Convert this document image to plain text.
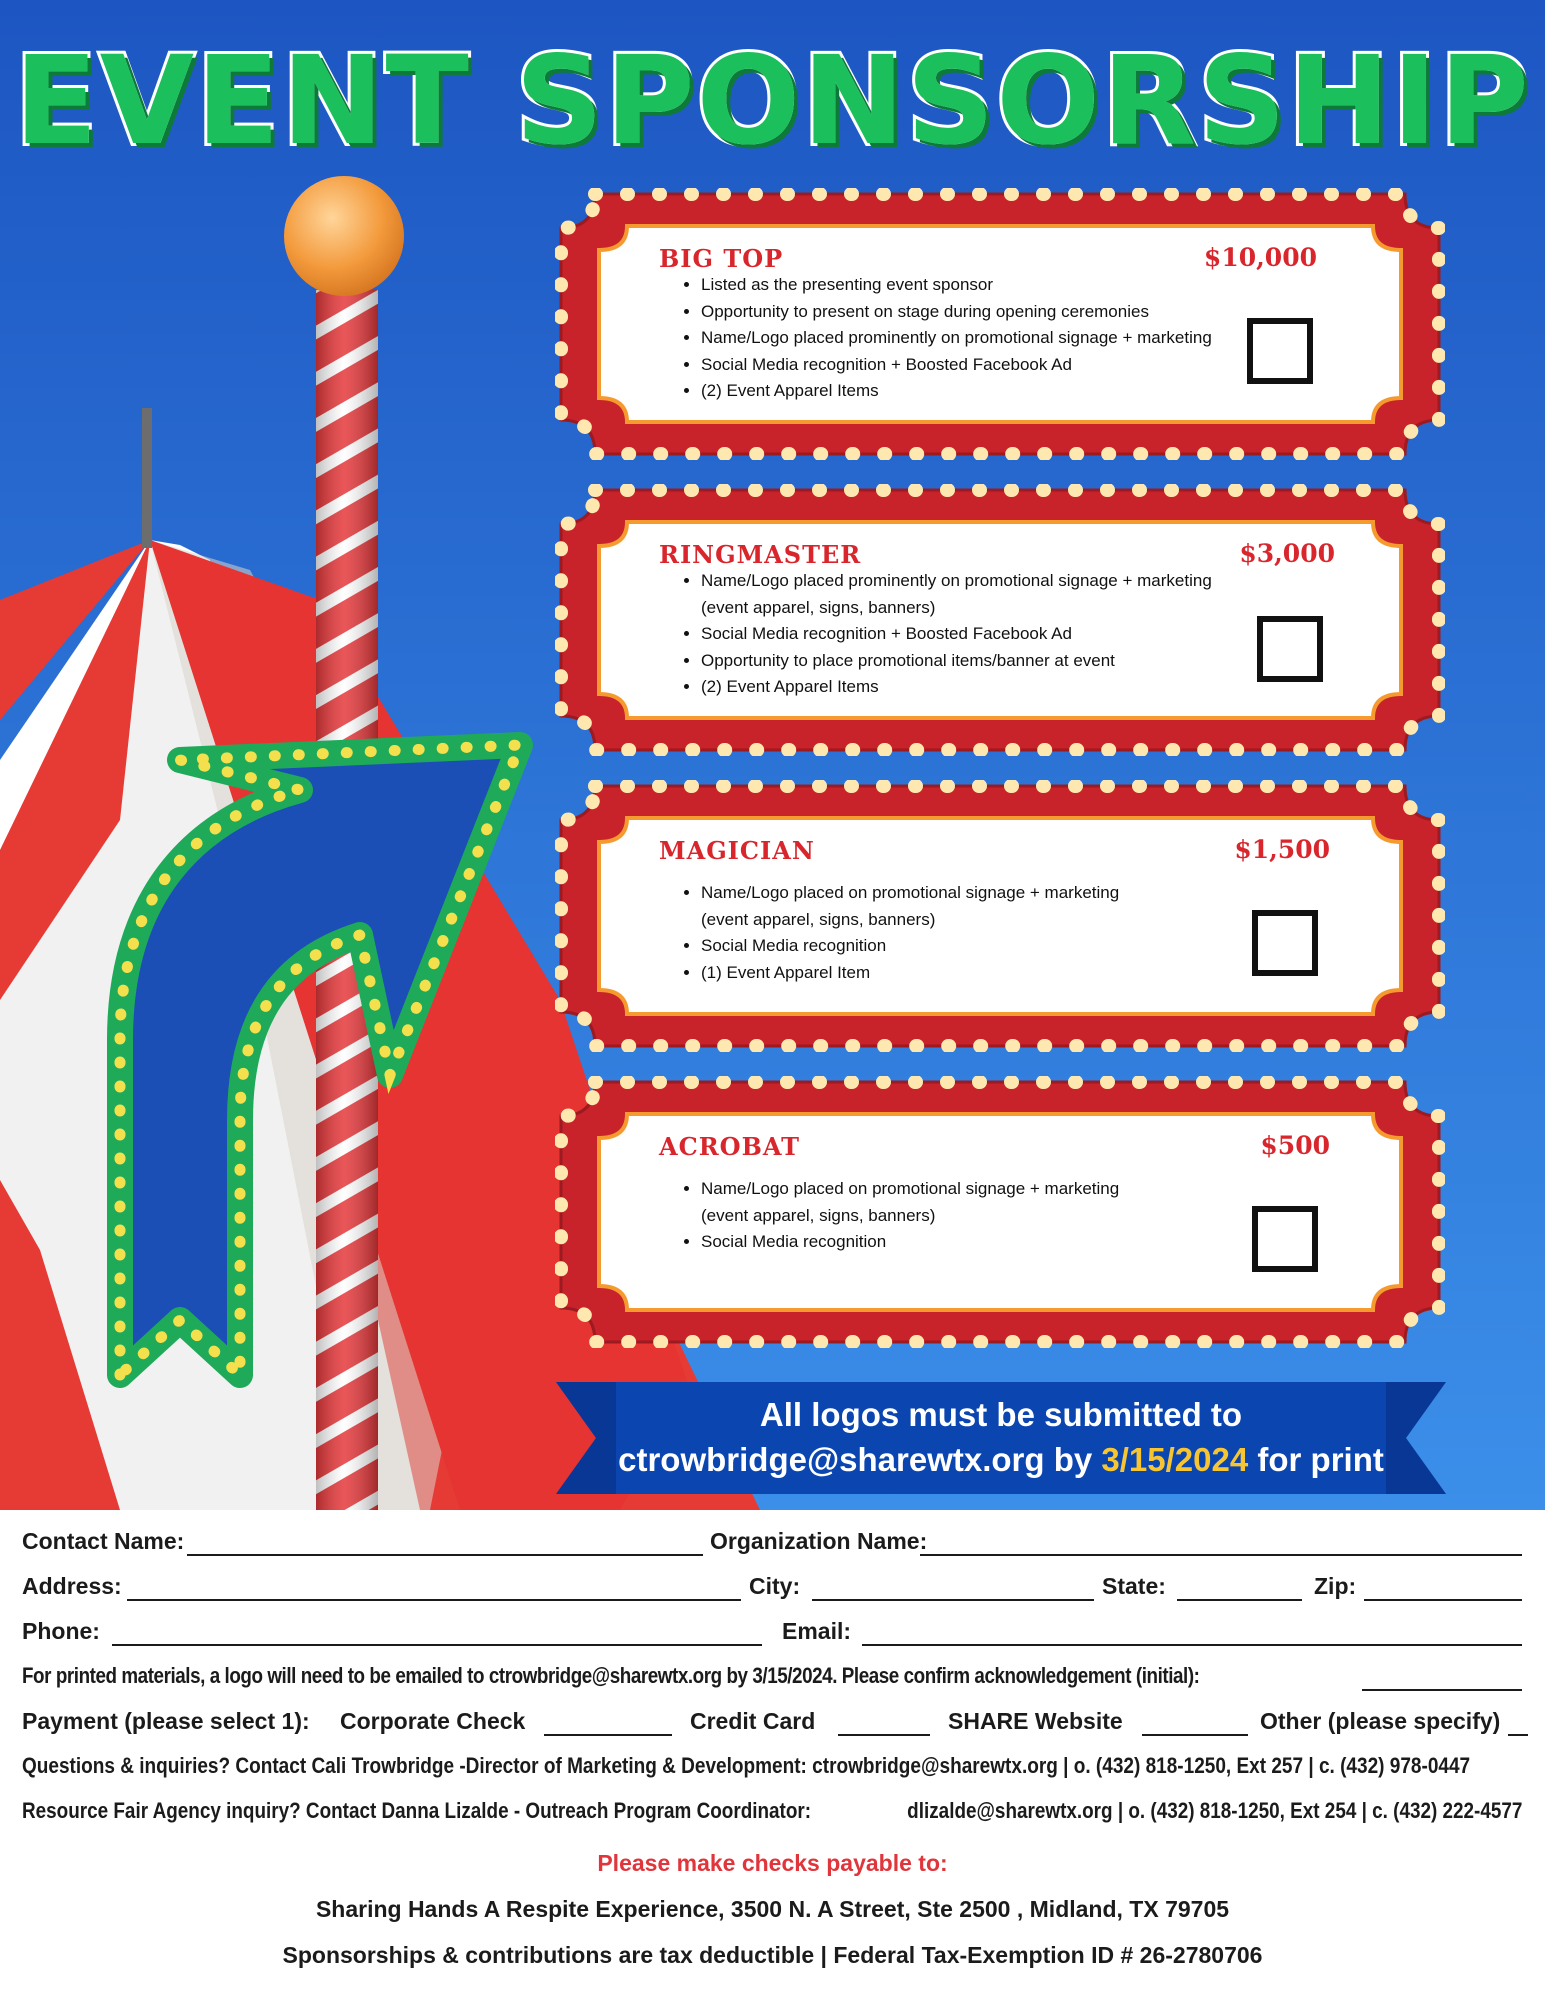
EVENT SPONSORSHIP
BIG TOP	$10,000
• Listed as the presenting event sponsor
• Opportunity to present on stage during opening ceremonies
• Name/Logo placed prominently on promotional signage + marketing
• Social Media recognition + Boosted Facebook Ad
• (2) Event Apparel Items
RINGMASTER	$3,000
• Name/Logo placed prominently on promotional signage + marketing
(event apparel, signs, banners)
• Social Media recognition + Boosted Facebook Ad
• Opportunity to place promotional items/banner at event
• (2) Event Apparel Items
MAGICIAN	$1,500
• Name/Logo placed on promotional signage + marketing
(event apparel, signs, banners)
• Social Media recognition
• (1) Event Apparel Item
ACROBAT	$500
• Name/Logo placed on promotional signage + marketing
(event apparel, signs, banners)
• Social Media recognition
All logos must be submitted to
ctrowbridge@sharewtx.org by 3/15/2024 for print
Contact Name:	Organization Name:
Address:	City:	State:	Zip:
Phone:	Email:
For printed materials, a logo will need to be emailed to ctrowbridge@sharewtx.org by 3/15/2024. Please confirm acknowledgement (initial):
Payment (please select 1): Corporate Check	Credit Card	SHARE Website	Other (please specify)
Questions & inquiries? Contact Cali Trowbridge -Director of Marketing & Development: ctrowbridge@sharewtx.org | o. (432) 818-1250, Ext 257 | c. (432) 978-0447
Resource Fair Agency inquiry? Contact Danna Lizalde - Outreach Program Coordinator:	dlizalde@sharewtx.org | o. (432) 818-1250, Ext 254 | c. (432) 222-4577
Please make checks payable to:
Sharing Hands A Respite Experience, 3500 N. A Street, Ste 2500 , Midland, TX 79705
Sponsorships & contributions are tax deductible | Federal Tax-Exemption ID # 26-2780706
